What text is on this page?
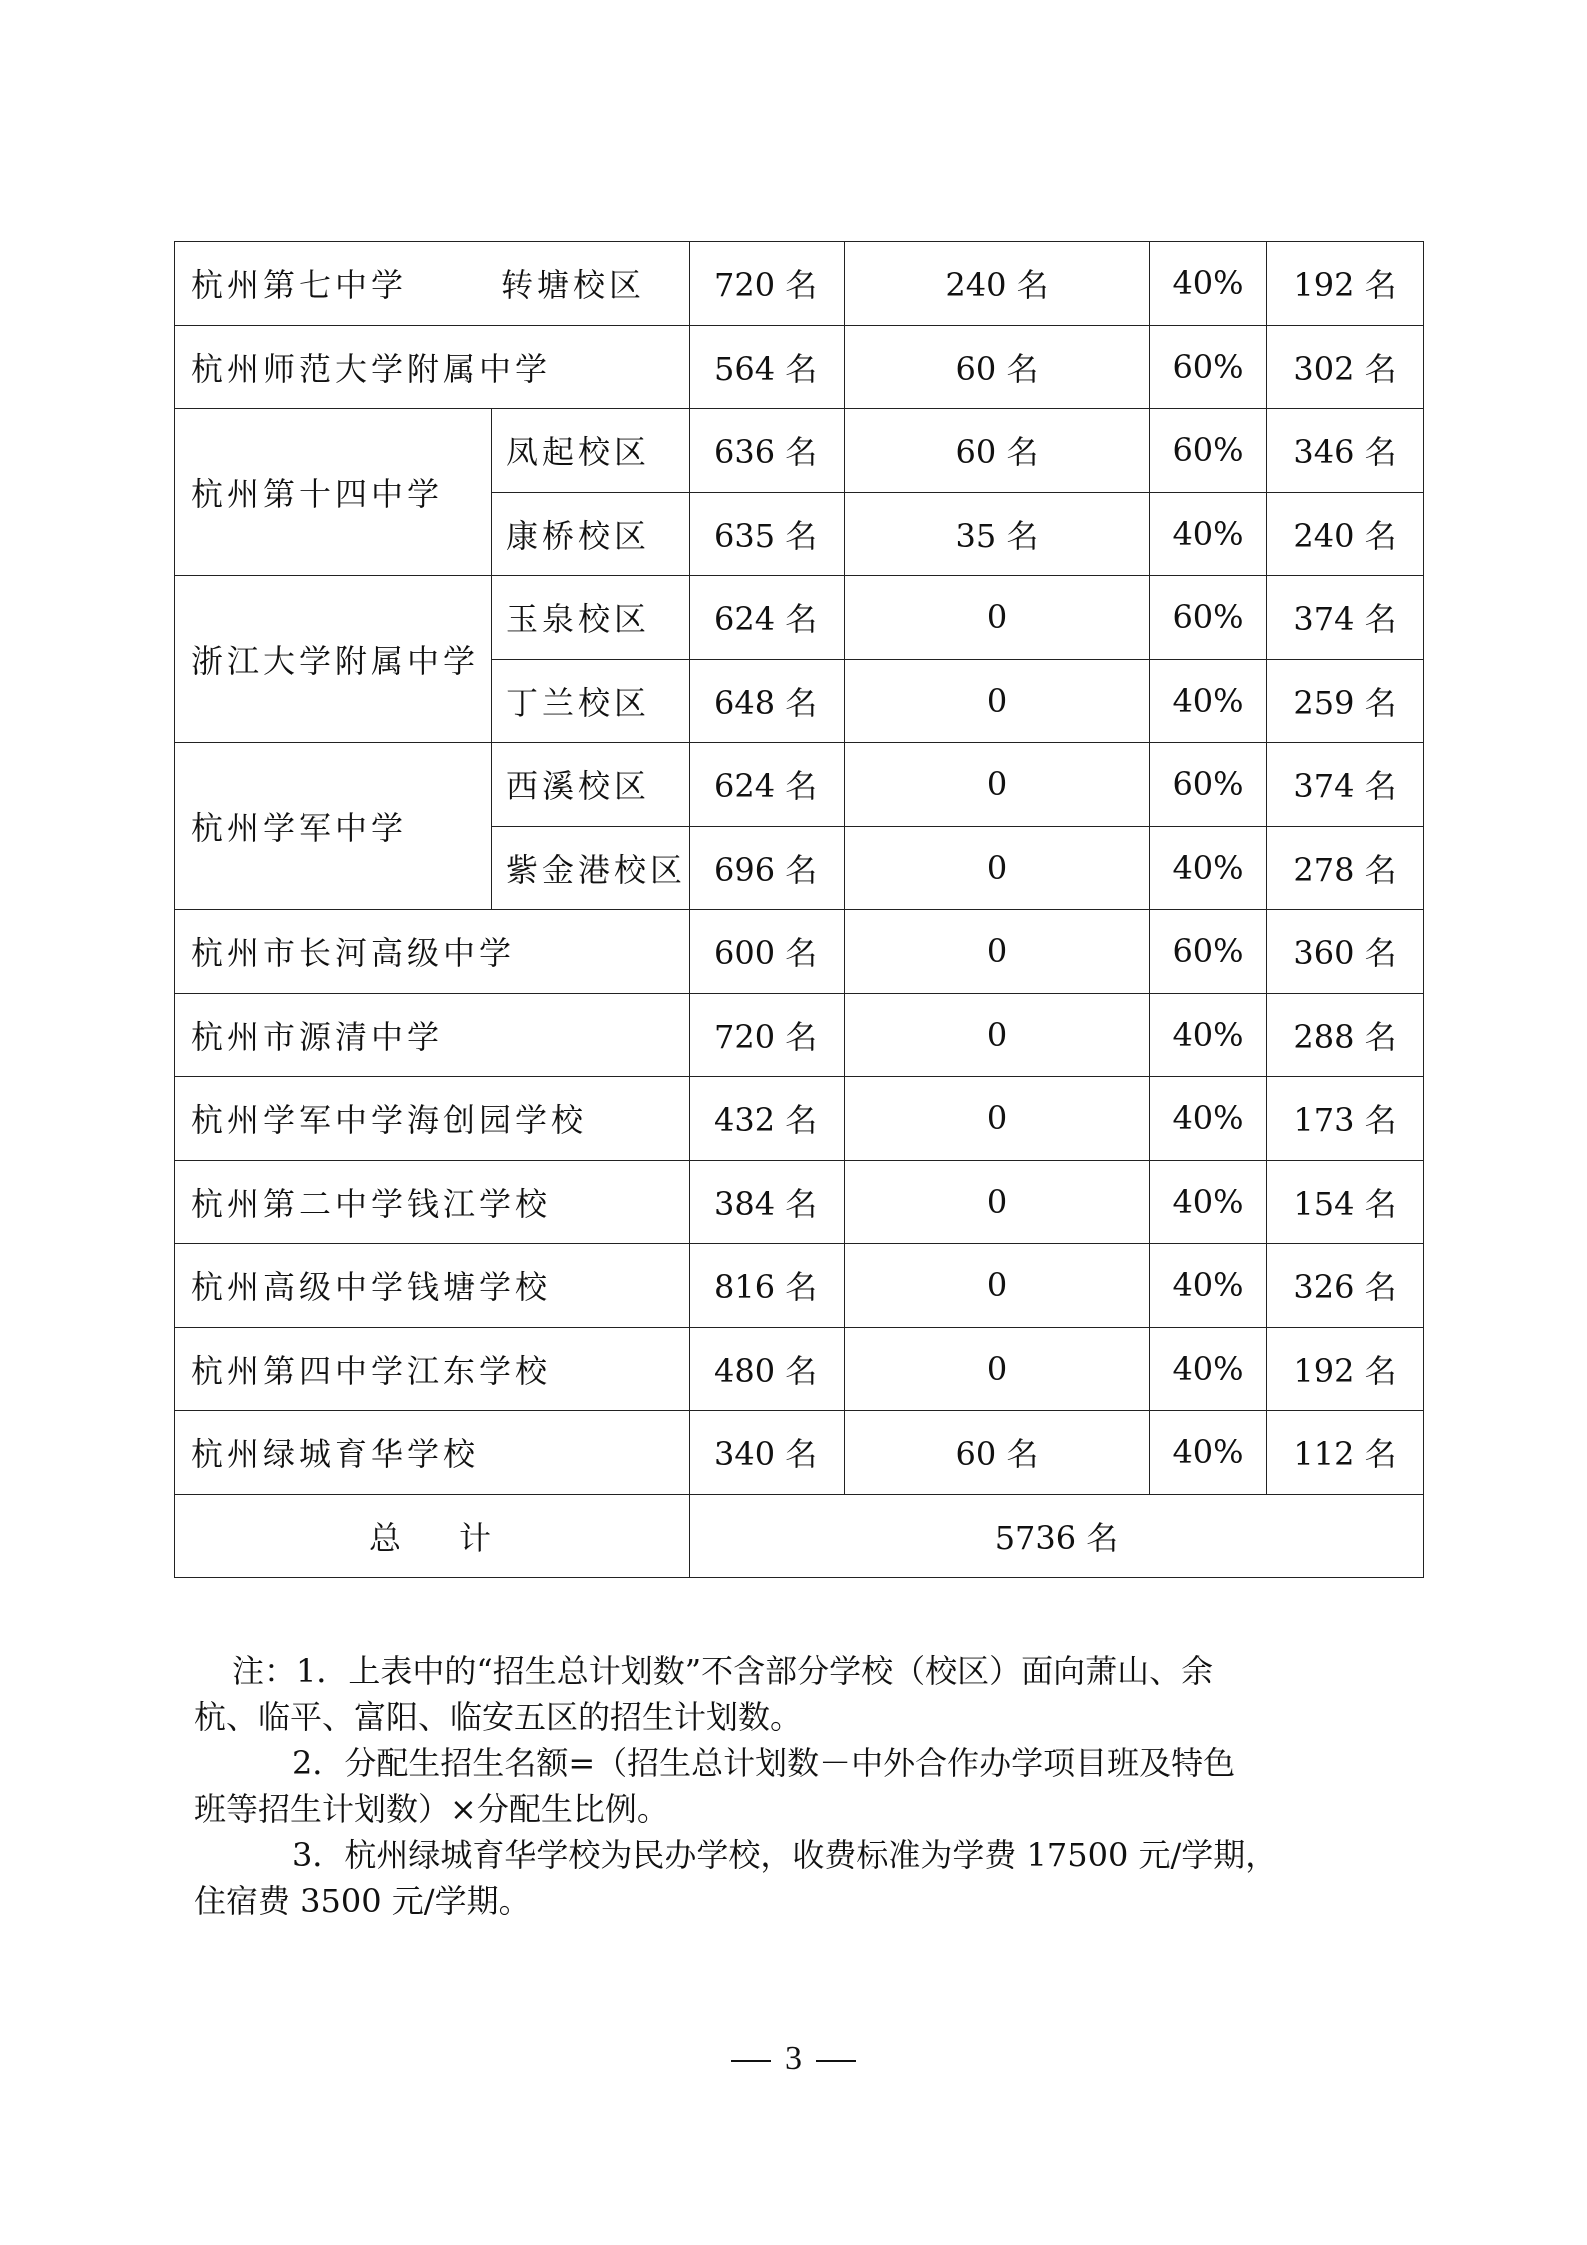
杭州第七中学 转塘校区		720 名	240 名	40%	192 名
杭州师范大学附属中学		564 名	60 名	60%	302 名
杭州第十四中学	凤起校区	636 名	60 名	60%	346 名
	康桥校区	635 名	35 名	40%	240 名
浙江大学附属中学	玉泉校区	624 名	0	60%	374 名
	丁兰校区	648 名	0	40%	259 名
杭州学军中学	西溪校区	624 名	0	60%	374 名
	紫金港校区	696 名	0	40%	278 名
杭州市长河高级中学		600 名	0	60%	360 名
杭州市源清中学		720 名	0	40%	288 名
杭州学军中学海创园学校		432 名	0	40%	173 名
杭州第二中学钱江学校		384 名	0	40%	154 名
杭州高级中学钱塘学校		816 名	0	40%	326 名
杭州第四中学江东学校		480 名	0	40%	192 名
杭州绿城育华学校		340 名	60 名	40%	112 名
总 计		5736 名			

注：1．上表中的“招生总计划数”不含部分学校（校区）面向萧山、余

杭、临平、富阳、临安五区的招生计划数。

2．分配生招生名额=（招生总计划数－中外合作办学项目班及特色

班等招生计划数）×分配生比例。

3．杭州绿城育华学校为民办学校，收费标准为学费 17500 元/学期，

住宿费 3500 元/学期。

3
